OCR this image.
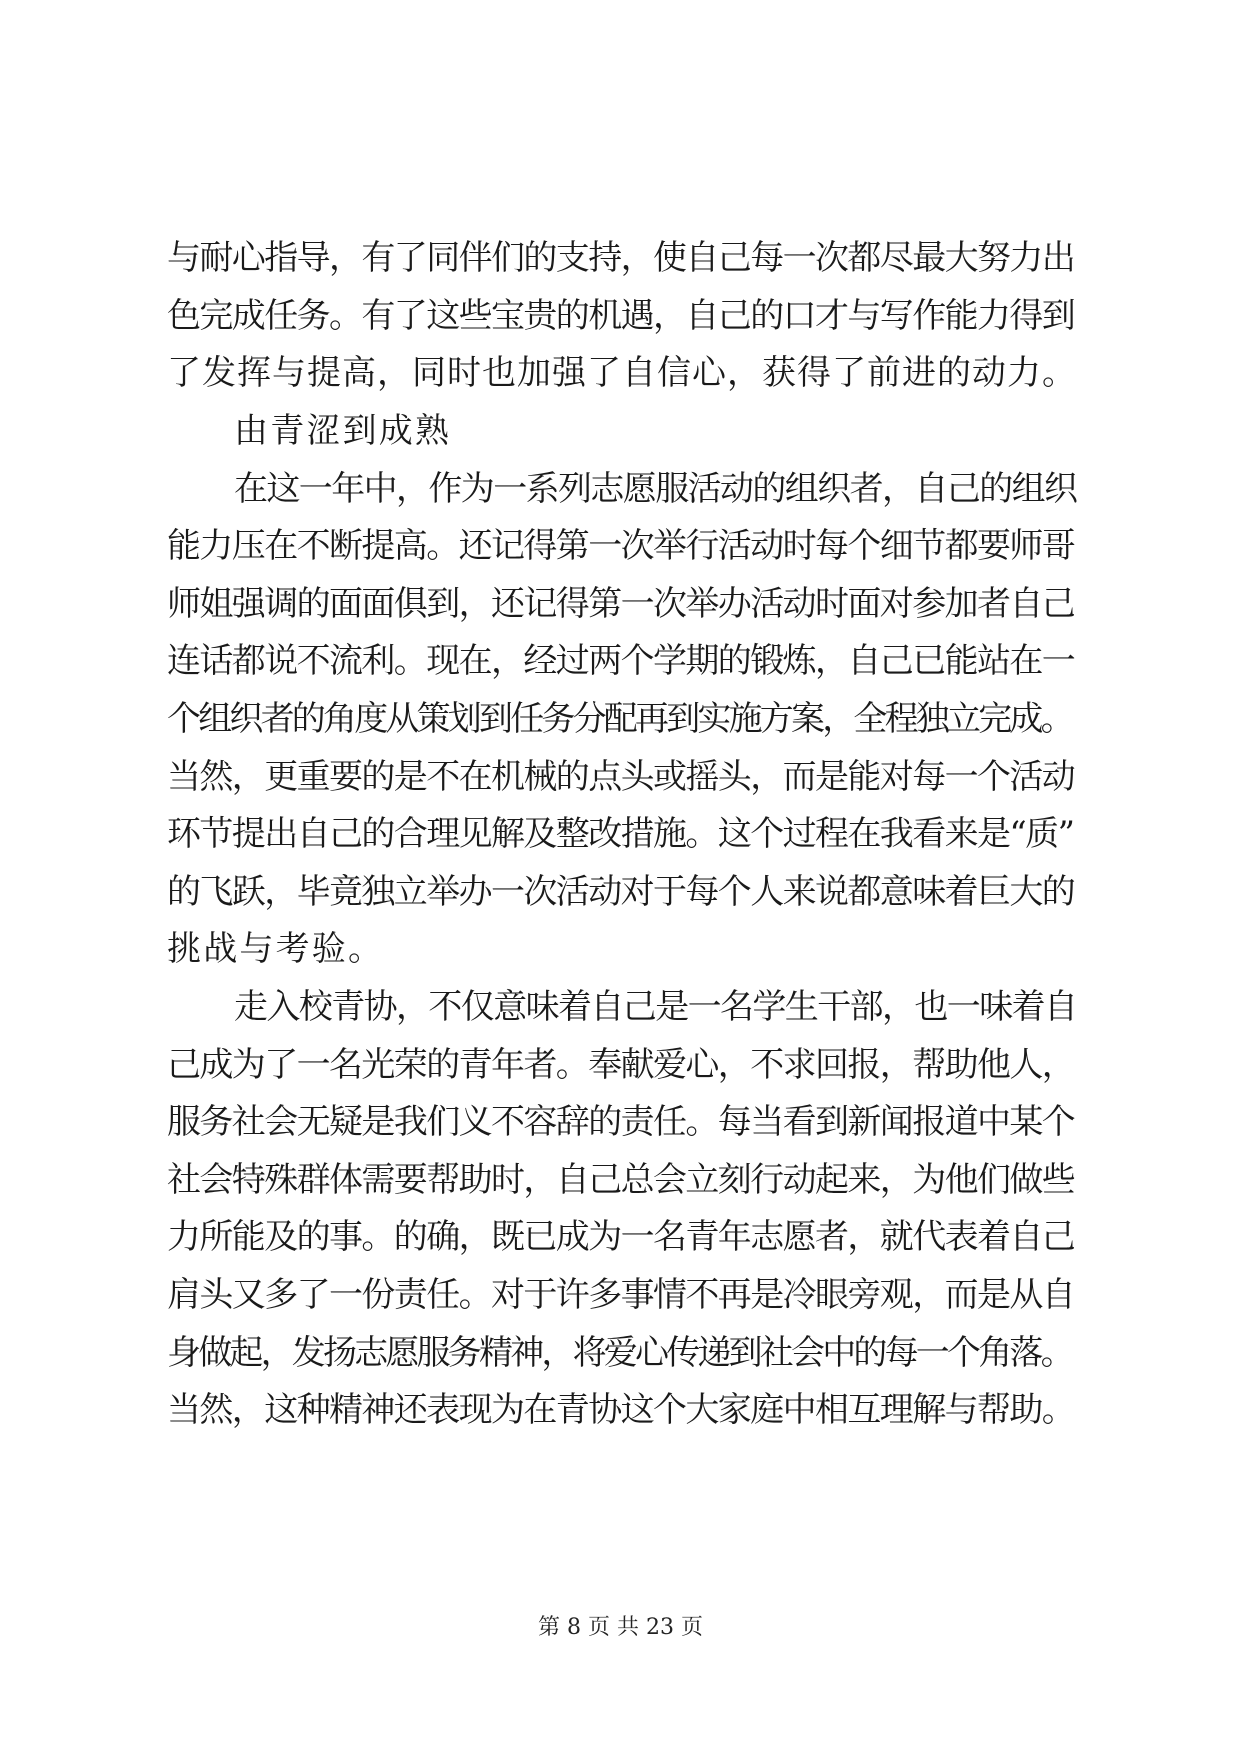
与耐心指导，有了同伴们的支持，使自己每一次都尽最大努力出
色完成任务。有了这些宝贵的机遇，自己的口才与写作能力得到
了发挥与提高，同时也加强了自信心，获得了前进的动力。
由青涩到成熟
在这一年中，作为一系列志愿服活动的组织者，自己的组织
能力压在不断提高。还记得第一次举行活动时每个细节都要师哥
师姐强调的面面俱到，还记得第一次举办活动时面对参加者自己
连话都说不流利。现在，经过两个学期的锻炼，自己已能站在一
个组织者的角度从策划到任务分配再到实施方案，全程独立完成。
当然，更重要的是不在机械的点头或摇头，而是能对每一个活动
环节提出自己的合理见解及整改措施。这个过程在我看来是“质”
的飞跃，毕竟独立举办一次活动对于每个人来说都意味着巨大的
挑战与考验。
走入校青协，不仅意味着自己是一名学生干部，也一味着自
己成为了一名光荣的青年者。奉献爱心，不求回报，帮助他人，
服务社会无疑是我们义不容辞的责任。每当看到新闻报道中某个
社会特殊群体需要帮助时，自己总会立刻行动起来，为他们做些
力所能及的事。的确，既已成为一名青年志愿者，就代表着自己
肩头又多了一份责任。对于许多事情不再是冷眼旁观，而是从自
身做起，发扬志愿服务精神，将爱心传递到社会中的每一个角落。
当然，这种精神还表现为在青协这个大家庭中相互理解与帮助。
第 8 页 共 23 页
